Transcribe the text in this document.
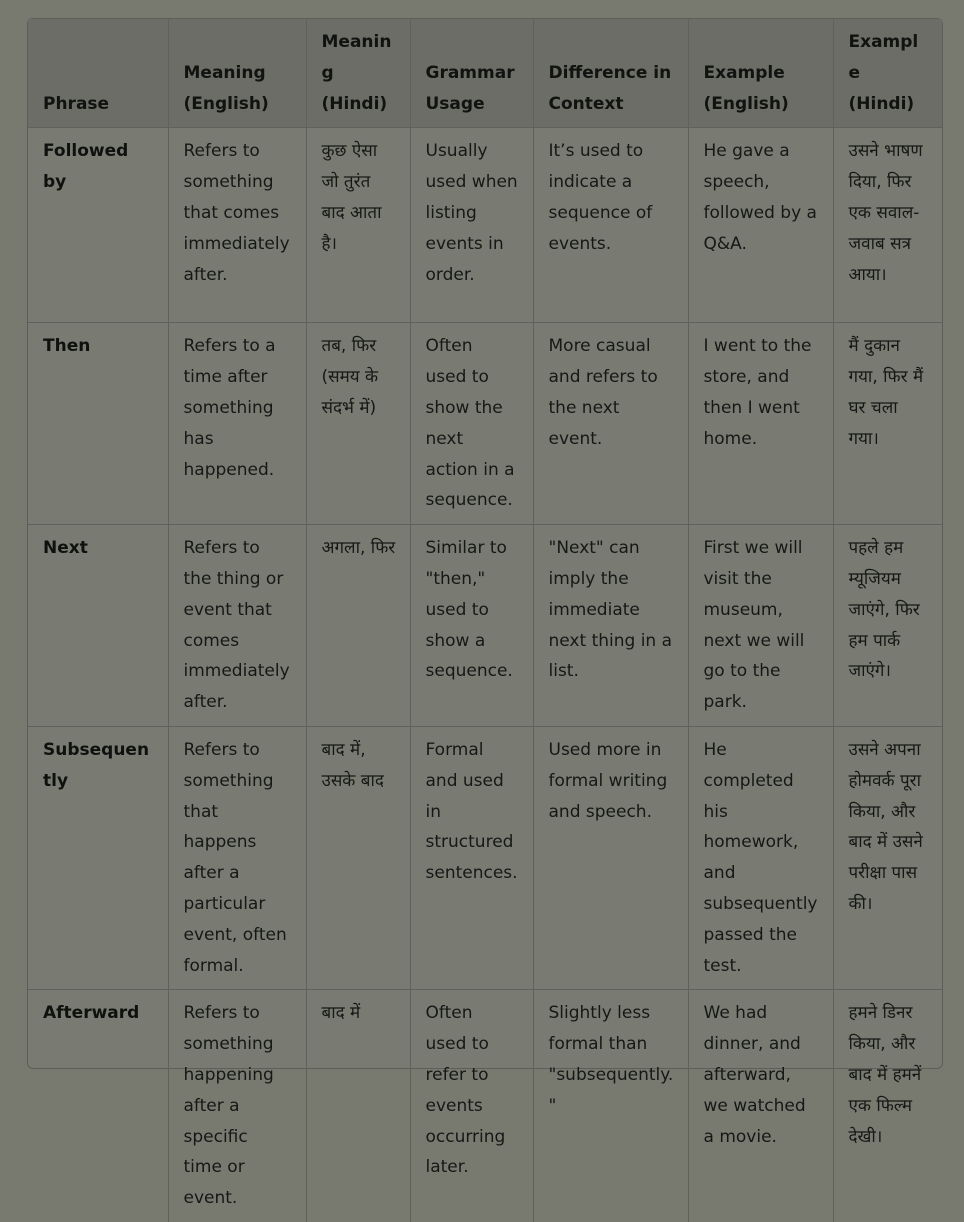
Phrase	Meaning (English)	Meaning (Hindi)	Grammar Usage	Difference in Context	Example (English)	Example (Hindi)
Followed by	Refers to something that comes immediately after.	कुछ ऐसा जो तुरंत बाद आता है।	Usually used when listing events in order.	It’s used to indicate a sequence of events.	He gave a speech, followed by a Q&A.	उसने भाषण दिया, फिर एक सवाल-जवाब सत्र आया।
Then	Refers to a time after something has happened.	तब, फिर (समय के संदर्भ में)	Often used to show the next action in a sequence.	More casual and refers to the next event.	I went to the store, and then I went home.	मैं दुकान गया, फिर मैं घर चला गया।
Next	Refers to the thing or event that comes immediately after.	अगला, फिर	Similar to "then," used to show a sequence.	"Next" can imply the immediate next thing in a list.	First we will visit the museum, next we will go to the park.	पहले हम म्यूजियम जाएंगे, फिर हम पार्क जाएंगे।
Subsequently	Refers to something that happens after a particular event, often formal.	बाद में, उसके बाद	Formal and used in structured sentences.	Used more in formal writing and speech.	He completed his homework, and subsequently passed the test.	उसने अपना होमवर्क पूरा किया, और बाद में उसने परीक्षा पास की।
Afterward	Refers to something happening after a specific time or event.	बाद में	Often used to refer to events occurring later.	Slightly less formal than "subsequently."	We had dinner, and afterward, we watched a movie.	हमने डिनर किया, और बाद में हमनें एक फिल्म देखी।
